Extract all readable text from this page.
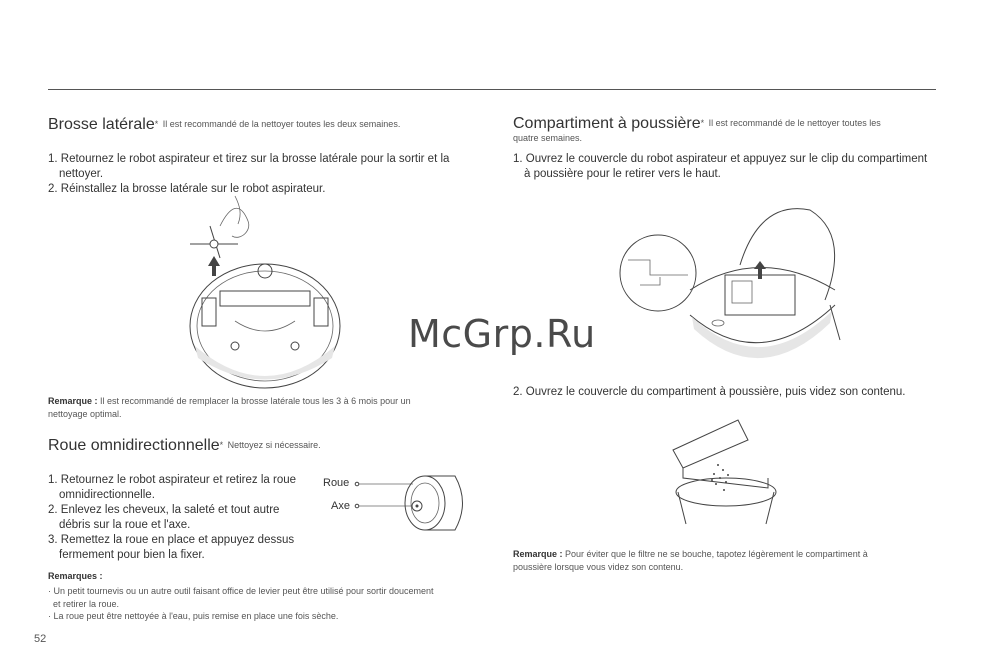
Brosse latérale* Il est recommandé de la nettoyer toutes les deux semaines.
1. Retournez le robot aspirateur et tirez sur la brosse latérale pour la sortir et la
nettoyer.
2. Réinstallez la brosse latérale sur le robot aspirateur.
Remarque : Il est recommandé de remplacer la brosse latérale tous les 3 à 6 mois pour un
nettoyage optimal.
Roue omnidirectionnelle* Nettoyez si nécessaire.
1. Retournez le robot aspirateur et retirez la roue
omnidirectionnelle.
2. Enlevez les cheveux, la saleté et tout autre
débris sur la roue et l'axe.
3. Remettez la roue en place et appuyez dessus
fermement pour bien la fixer.
Roue
Axe
Remarques :
· Un petit tournevis ou un autre outil faisant office de levier peut être utilisé pour sortir doucement
et retirer la roue.
· La roue peut être nettoyée à l'eau, puis remise en place une fois sèche.
52
Compartiment à poussière* Il est recommandé de le nettoyer toutes les
quatre semaines.
1. Ouvrez le couvercle du robot aspirateur et appuyez sur le clip du compartiment
à poussière pour le retirer vers le haut.
2. Ouvrez le couvercle du compartiment à poussière, puis videz son contenu.
Remarque : Pour éviter que le filtre ne se bouche, tapotez légèrement le compartiment à
poussière lorsque vous videz son contenu.
McGrp.Ru
